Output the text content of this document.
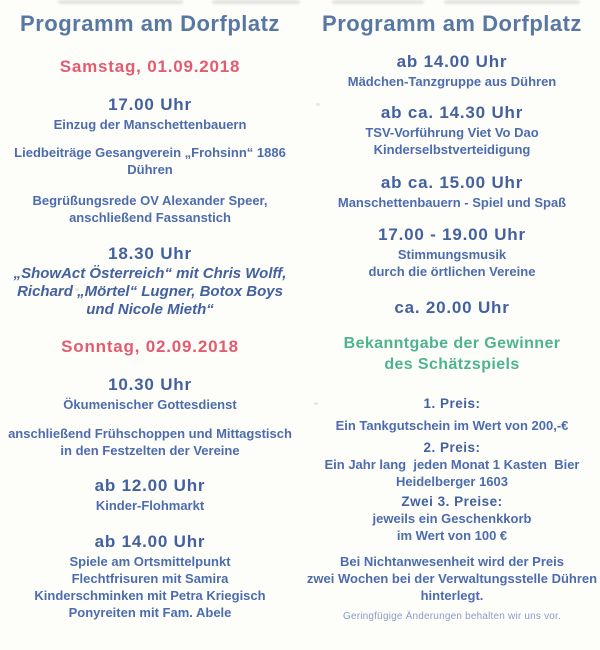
Programm am Dorfplatz
Samstag, 01.09.2018
17.00 Uhr
Einzug der Manschettenbauern
Liedbeiträge Gesangverein „Frohsinn“ 1886
Dühren
Begrüßungsrede OV Alexander Speer,
anschließend Fassanstich
18.30 Uhr
„ShowAct Österreich“ mit Chris Wolff,
Richard „Mörtel“ Lugner, Botox Boys
und Nicole Mieth“
Sonntag, 02.09.2018
10.30 Uhr
Ökumenischer Gottesdienst
anschließend Frühschoppen und Mittagstisch
in den Festzelten der Vereine
ab 12.00 Uhr
Kinder-Flohmarkt
ab 14.00 Uhr
Spiele am Ortsmittelpunkt
Flechtfrisuren mit Samira
Kinderschminken mit Petra Kriegisch
Ponyreiten mit Fam. Abele
Programm am Dorfplatz
ab 14.00 Uhr
Mädchen-Tanzgruppe aus Dühren
ab ca. 14.30 Uhr
TSV-Vorführung Viet Vo Dao
Kinderselbstverteidigung
ab ca. 15.00 Uhr
Manschettenbauern - Spiel und Spaß
17.00 - 19.00 Uhr
Stimmungsmusik
durch die örtlichen Vereine
ca. 20.00 Uhr
Bekanntgabe der Gewinner
des Schätzspiels
1. Preis:
Ein Tankgutschein im Wert von 200,-€
2. Preis:
Ein Jahr lang  jeden Monat 1 Kasten  Bier
Heidelberger 1603
Zwei 3. Preise:
jeweils ein Geschenkkorb
im Wert von 100 €
Bei Nichtanwesenheit wird der Preis
zwei Wochen bei der Verwaltungsstelle Dühren
hinterlegt.
Geringfügige Änderungen behalten wir uns vor.
